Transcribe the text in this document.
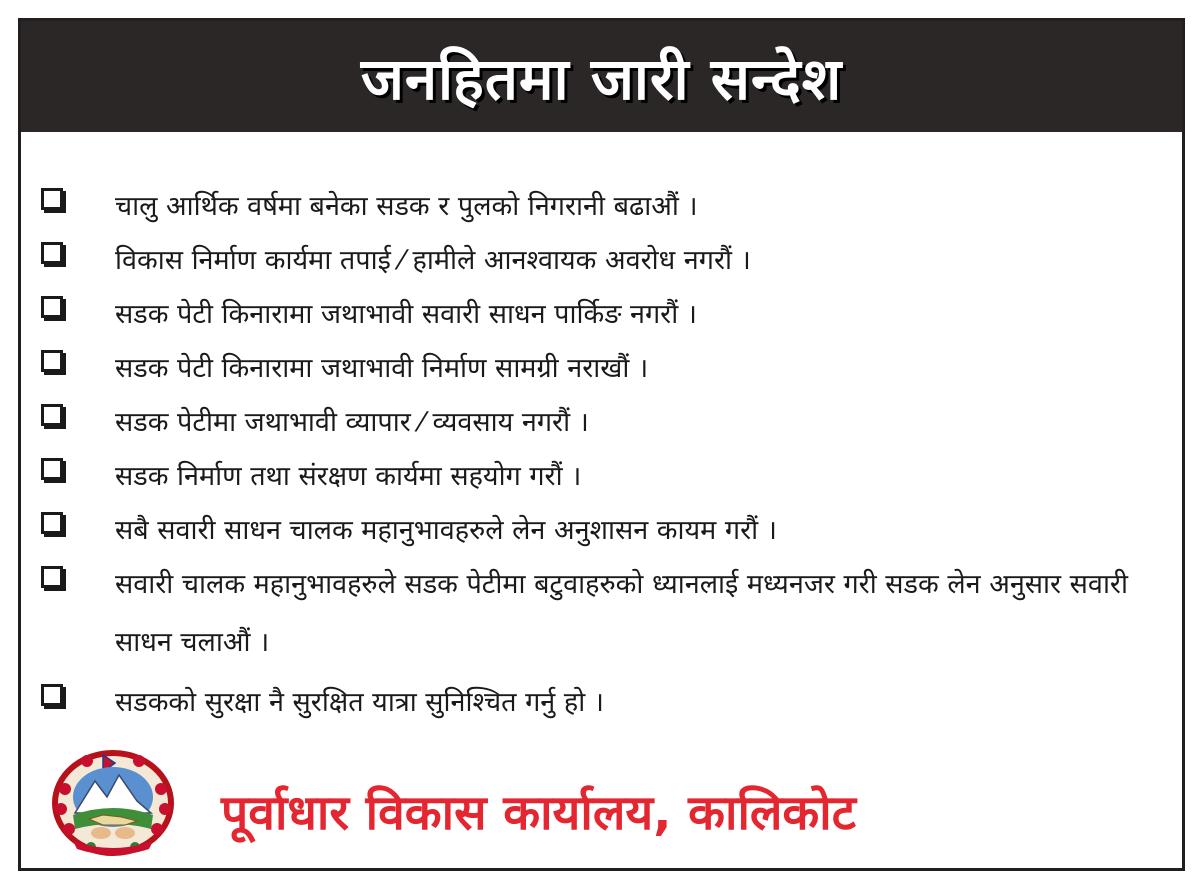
जनहितमा जारी सन्देश
चालु आर्थिक वर्षमा बनेका सडक र पुलको निगरानी बढाऔं ।
विकास निर्माण कार्यमा तपाई ⁄ हामीले आनश्वायक अवरोध नगरौं ।
सडक पेटी किनारामा जथाभावी सवारी साधन पार्किङ नगरौं ।
सडक पेटी किनारामा जथाभावी निर्माण सामग्री नराखौं ।
सडक पेटीमा जथाभावी व्यापार ⁄ व्यवसाय नगरौं ।
सडक निर्माण तथा संरक्षण कार्यमा सहयोग गरौं ।
सबै सवारी साधन चालक महानुभावहरुले लेन अनुशासन कायम गरौं ।
सवारी चालक महानुभावहरुले सडक पेटीमा बटुवाहरुको ध्यानलाई मध्यनजर गरी सडक लेन अनुसार सवारी साधन चलाऔं ।
सडकको सुरक्षा नै सुरक्षित यात्रा सुनिश्चित गर्नु हो ।
पूर्वाधार विकास कार्यालय, कालिकोट
